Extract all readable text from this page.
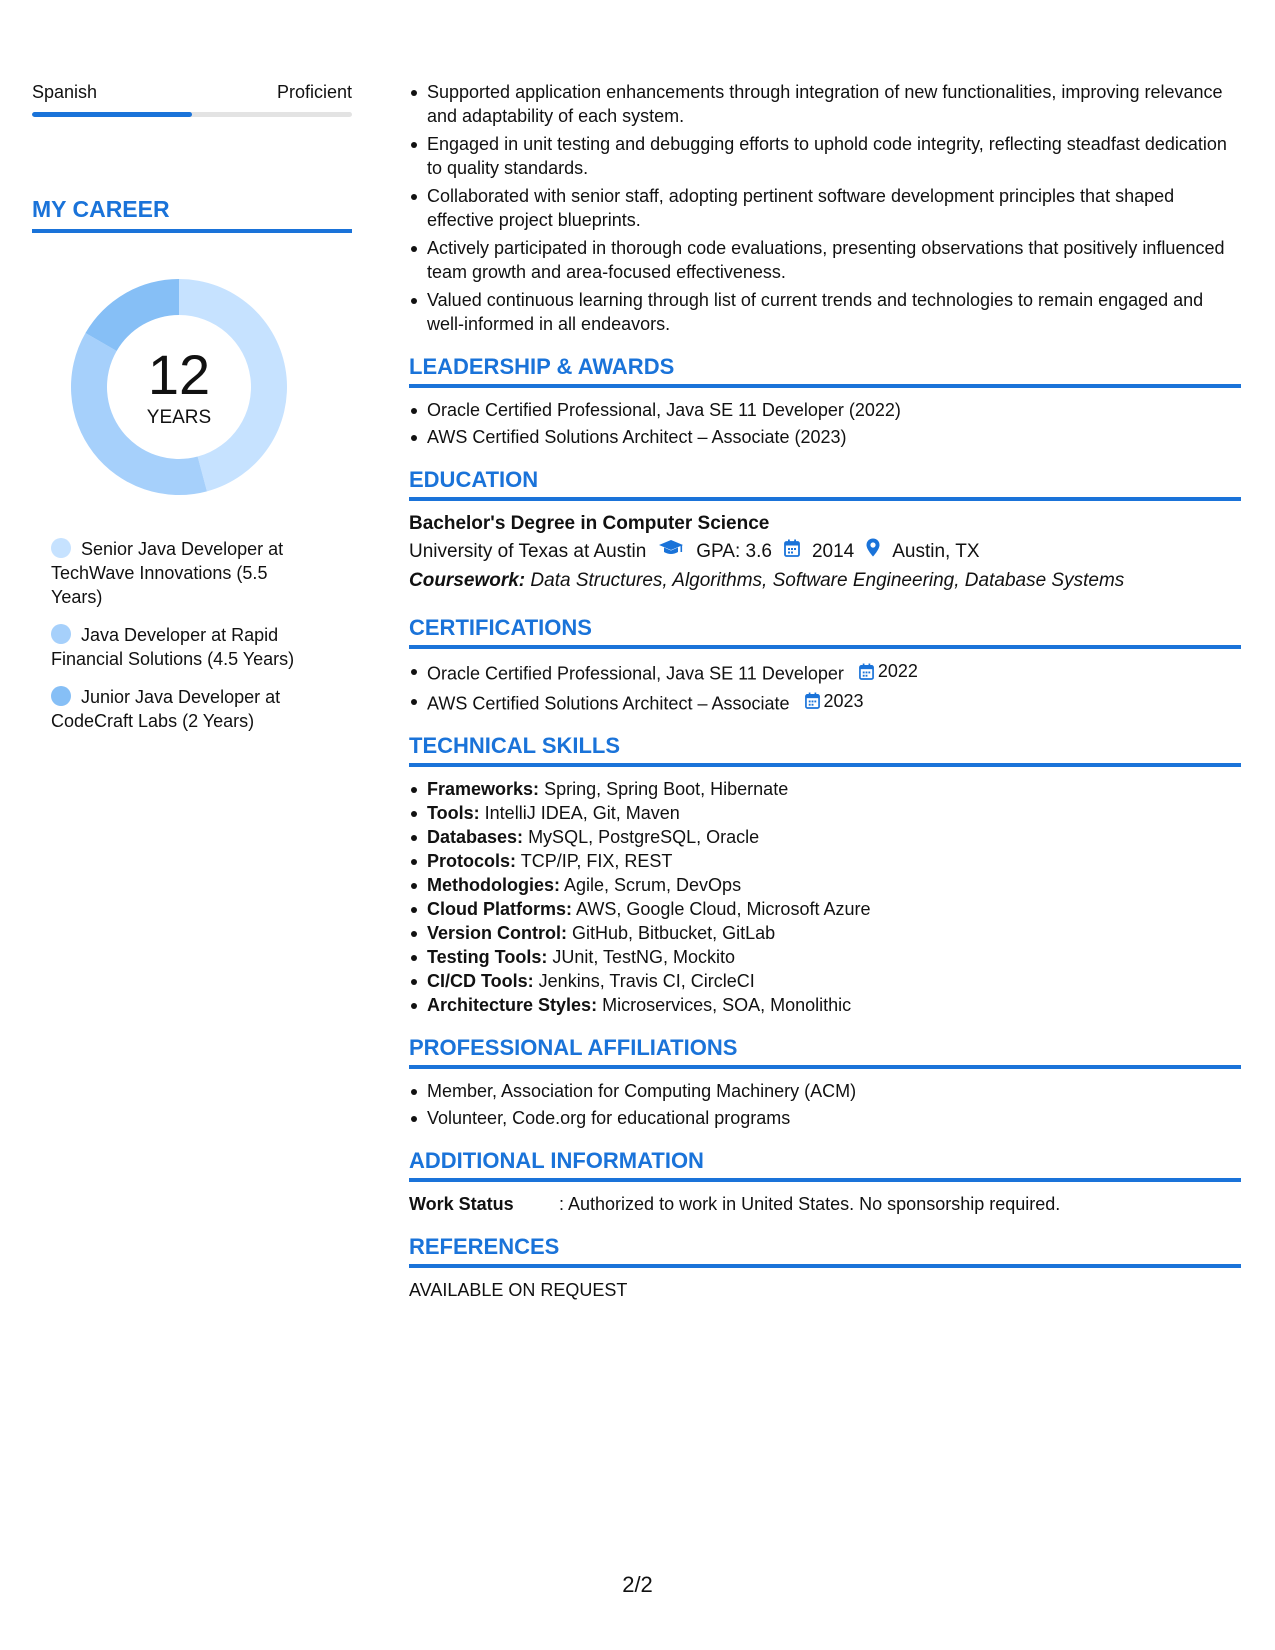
Spanish	Proficient
MY CAREER
12
YEARS
Senior Java Developer at TechWave Innovations (5.5 Years)
Java Developer at Rapid Financial Solutions (4.5 Years)
Junior Java Developer at CodeCraft Labs (2 Years)
Supported application enhancements through integration of new functionalities, improving relevance and adaptability of each system.
Engaged in unit testing and debugging efforts to uphold code integrity, reflecting steadfast dedication to quality standards.
Collaborated with senior staff, adopting pertinent software development principles that shaped effective project blueprints.
Actively participated in thorough code evaluations, presenting observations that positively influenced team growth and area-focused effectiveness.
Valued continuous learning through list of current trends and technologies to remain engaged and well-informed in all endeavors.
LEADERSHIP & AWARDS
Oracle Certified Professional, Java SE 11 Developer (2022)
AWS Certified Solutions Architect – Associate (2023)
EDUCATION
Bachelor's Degree in Computer Science
University of Texas at Austin	GPA: 3.6 2014 Austin, TX
Coursework: Data Structures, Algorithms, Software Engineering, Database Systems
CERTIFICATIONS
Oracle Certified Professional, Java SE 11 Developer 2022
AWS Certified Solutions Architect – Associate 2023
TECHNICAL SKILLS
Frameworks: Spring, Spring Boot, Hibernate
Tools: IntelliJ IDEA, Git, Maven
Databases: MySQL, PostgreSQL, Oracle
Protocols: TCP/IP, FIX, REST
Methodologies: Agile, Scrum, DevOps
Cloud Platforms: AWS, Google Cloud, Microsoft Azure
Version Control: GitHub, Bitbucket, GitLab
Testing Tools: JUnit, TestNG, Mockito
CI/CD Tools: Jenkins, Travis CI, CircleCI
Architecture Styles: Microservices, SOA, Monolithic
PROFESSIONAL AFFILIATIONS
Member, Association for Computing Machinery (ACM)
Volunteer, Code.org for educational programs
ADDITIONAL INFORMATION
Work Status	: Authorized to work in United States. No sponsorship required.
REFERENCES
AVAILABLE ON REQUEST
2/2
